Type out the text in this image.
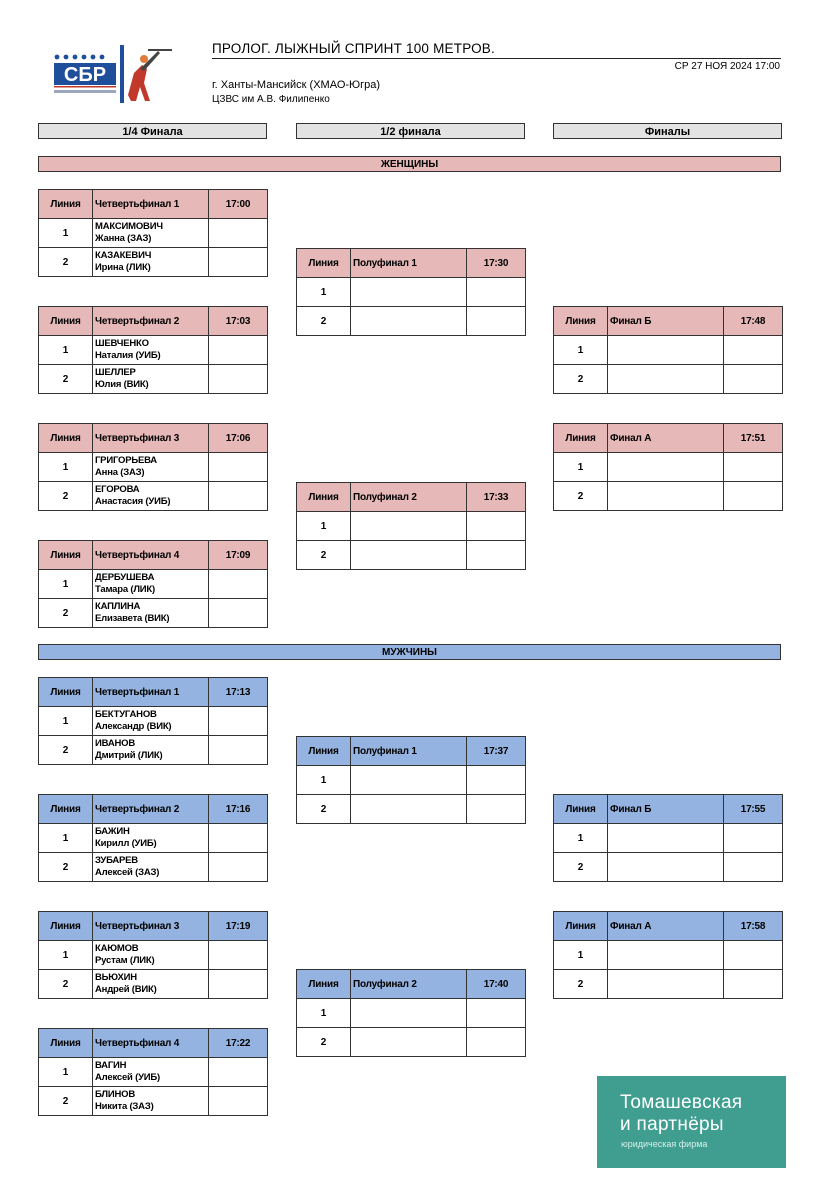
СБР
ПРОЛОГ. ЛЫЖНЫЙ СПРИНТ 100 МЕТРОВ.
СР 27 НОЯ 2024 17:00
г. Ханты-Мансийск (ХМАО-Югра)
ЦЗВС им А.В. Филипенко
1/4 Финала	1/2 финала	Финалы
ЖЕНЩИНЫ
МУЖЧИНЫ
Томашевская
и партнёры
юридическая фирма
Линия	Четвертьфинал 1	17:00
1	МАКСИМОВИЧ
Жанна (ЗАЗ)	

2	КАЗАКЕВИЧ
Ирина (ЛИК)	

Линия	Четвертьфинал 2	17:03
1	ШЕВЧЕНКО
Наталия (УИБ)	

2	ШЕЛЛЕР
Юлия (ВИК)	

Линия	Четвертьфинал 3	17:06
1	ГРИГОРЬЕВА
Анна (ЗАЗ)	

2	ЕГОРОВА
Анастасия (УИБ)	

Линия	Четвертьфинал 4	17:09
1	ДЕРБУШЕВА
Тамара (ЛИК)	

2	КАПЛИНА
Елизавета (ВИК)	

Линия	Полуфинал 1	17:30
1		
2		
Линия	Полуфинал 2	17:33
1		
2		
Линия	Финал Б	17:48
1		
2		
Линия	Финал А	17:51
1		
2		
Линия	Четвертьфинал 1	17:13
1	БЕКТУГАНОВ
Александр (ВИК)	

2	ИВАНОВ
Дмитрий (ЛИК)	

Линия	Четвертьфинал 2	17:16
1	БАЖИН
Кирилл (УИБ)	

2	ЗУБАРЕВ
Алексей (ЗАЗ)	

Линия	Четвертьфинал 3	17:19
1	КАЮМОВ
Рустам (ЛИК)	

2	ВЬЮХИН
Андрей (ВИК)	

Линия	Четвертьфинал 4	17:22
1	ВАГИН
Алексей (УИБ)	

2	БЛИНОВ
Никита (ЗАЗ)	

Линия	Полуфинал 1	17:37
1		
2		
Линия	Полуфинал 2	17:40
1		
2		
Линия	Финал Б	17:55
1		
2		
Линия	Финал А	17:58
1		
2		
